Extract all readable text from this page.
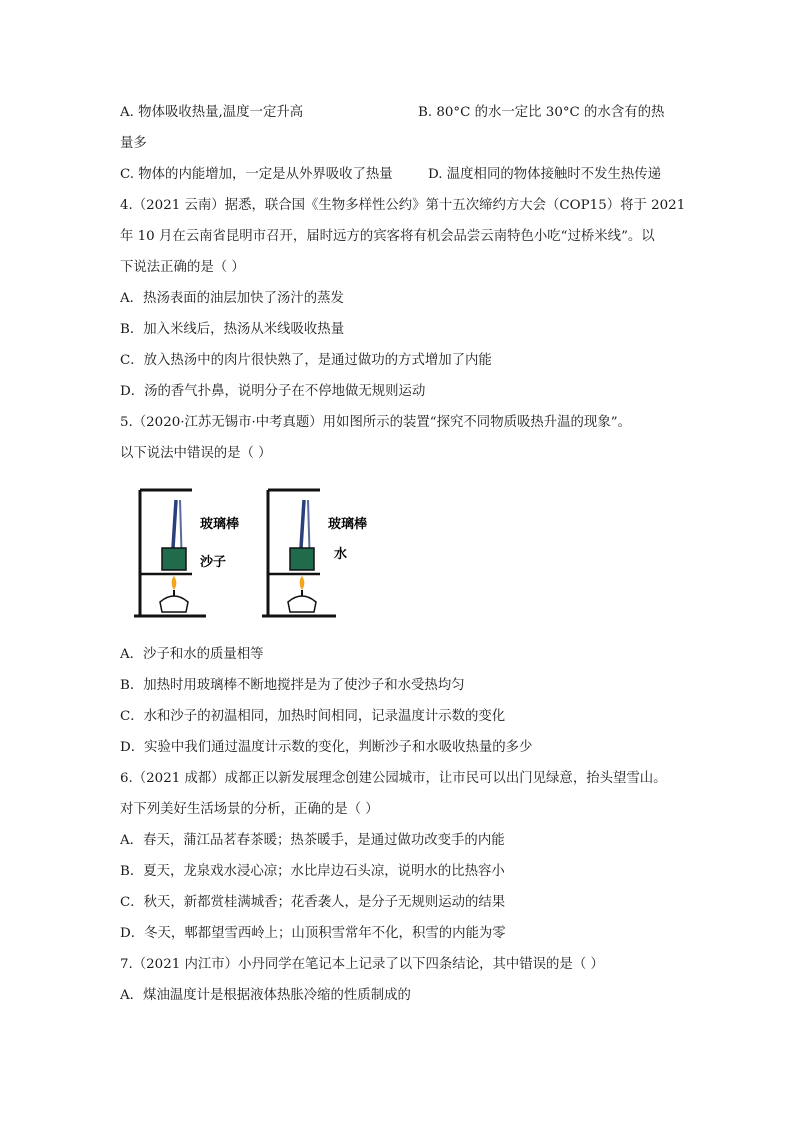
A. 物体吸收热量,温度一定升高	B. 80°C 的水一定比 30°C 的水含有的热
量多
C. 物体的内能增加，一定是从外界吸收了热量	D. 温度相同的物体接触时不发生热传递
4.（2021 云南）据悉，联合国《生物多样性公约》第十五次缔约方大会（COP15）将于 2021
年 10 月在云南省昆明市召开，届时远方的宾客将有机会品尝云南特色小吃“过桥米线”。以
下说法正确的是（ ）
A．热汤表面的油层加快了汤汁的蒸发
B．加入米线后，热汤从米线吸收热量
C．放入热汤中的肉片很快熟了，是通过做功的方式增加了内能
D．汤的香气扑鼻，说明分子在不停地做无规则运动
5.（2020·江苏无锡市·中考真题）用如图所示的装置“探究不同物质吸热升温的现象”。
以下说法中错误的是（ ）
玻璃棒
沙子
玻璃棒
水
A．沙子和水的质量相等
B．加热时用玻璃棒不断地搅拌是为了使沙子和水受热均匀
C．水和沙子的初温相同，加热时间相同，记录温度计示数的变化
D．实验中我们通过温度计示数的变化，判断沙子和水吸收热量的多少
6.（2021 成都）成都正以新发展理念创建公园城市，让市民可以出门见绿意，抬头望雪山。
对下列美好生活场景的分析，正确的是（ ）
A．春天，蒲江品茗春茶暖；热茶暖手，是通过做功改变手的内能
B．夏天，龙泉戏水浸心凉；水比岸边石头凉，说明水的比热容小
C．秋天，新都赏桂满城香；花香袭人，是分子无规则运动的结果
D．冬天，郫都望雪西岭上；山顶积雪常年不化，积雪的内能为零
7.（2021 内江市）小丹同学在笔记本上记录了以下四条结论，其中错误的是（ ）
A．煤油温度计是根据液体热胀冷缩的性质制成的
